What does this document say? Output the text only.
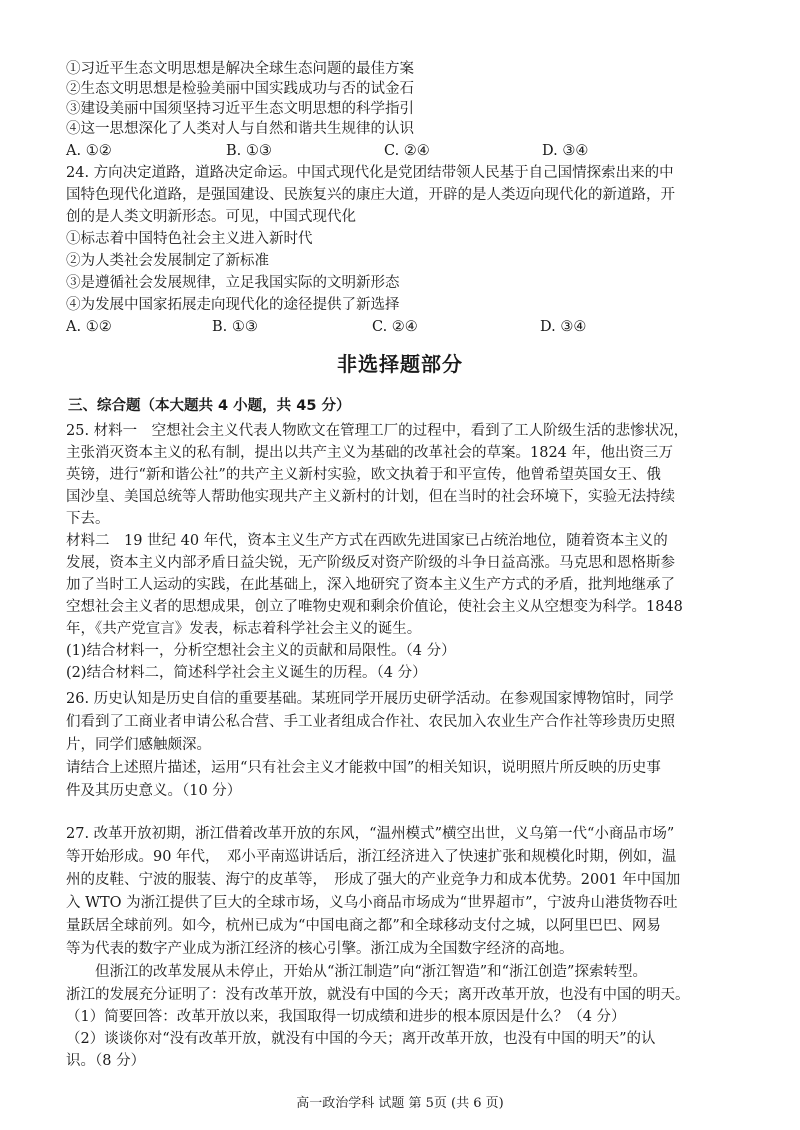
①习近平生态文明思想是解决全球生态问题的最佳方案
②生态文明思想是检验美丽中国实践成功与否的试金石
③建设美丽中国须坚持习近平生态文明思想的科学指引
④这一思想深化了人类对人与自然和谐共生规律的认识
A. ①②	B. ①③	C. ②④	D. ③④
24. 方向决定道路，道路决定命运。中国式现代化是党团结带领人民基于自己国情探索出来的中
国特色现代化道路，是强国建设、民族复兴的康庄大道，开辟的是人类迈向现代化的新道路，开
创的是人类文明新形态。可见，中国式现代化
①标志着中国特色社会主义进入新时代
②为人类社会发展制定了新标准
③是遵循社会发展规律，立足我国实际的文明新形态
④为发展中国家拓展走向现代化的途径提供了新选择
A. ①②	B. ①③	C. ②④	D. ③④
非选择题部分
三、综合题（本大题共 4 小题，共 45 分）
25. 材料一　空想社会主义代表人物欧文在管理工厂的过程中，看到了工人阶级生活的悲惨状况，
主张消灭资本主义的私有制，提出以共产主义为基础的改革社会的草案。1824 年，他出资三万
英镑，进行“新和谐公社”的共产主义新村实验，欧文执着于和平宣传，他曾希望英国女王、俄
国沙皇、美国总统等人帮助他实现共产主义新村的计划，但在当时的社会环境下，实验无法持续
下去。
材料二　19 世纪 40 年代，资本主义生产方式在西欧先进国家已占统治地位，随着资本主义的
发展，资本主义内部矛盾日益尖锐，无产阶级反对资产阶级的斗争日益高涨。马克思和恩格斯参
加了当时工人运动的实践，在此基础上，深入地研究了资本主义生产方式的矛盾，批判地继承了
空想社会主义者的思想成果，创立了唯物史观和剩余价值论，使社会主义从空想变为科学。1848
年，《共产党宣言》发表，标志着科学社会主义的诞生。
(1)结合材料一，分析空想社会主义的贡献和局限性。（4 分）
(2)结合材料二，简述科学社会主义诞生的历程。（4 分）
26. 历史认知是历史自信的重要基础。某班同学开展历史研学活动。在参观国家博物馆时，同学
们看到了工商业者申请公私合营、手工业者组成合作社、农民加入农业生产合作社等珍贵历史照
片，同学们感触颇深。
请结合上述照片描述，运用“只有社会主义才能救中国”的相关知识，说明照片所反映的历史事
件及其历史意义。（10 分）
27. 改革开放初期，浙江借着改革开放的东风，“温州模式”横空出世，义乌第一代“小商品市场”
等开始形成。90 年代，　邓小平南巡讲话后，浙江经济进入了快速扩张和规模化时期，例如，温
州的皮鞋、宁波的服装、海宁的皮革等，　形成了强大的产业竞争力和成本优势。2001 年中国加
入 WTO 为浙江提供了巨大的全球市场，义乌小商品市场成为“世界超市”，宁波舟山港货物吞吐
量跃居全球前列。如今，杭州已成为“中国电商之都”和全球移动支付之城，以阿里巴巴、网易
等为代表的数字产业成为浙江经济的核心引擎。浙江成为全国数字经济的高地。
　　但浙江的改革发展从未停止，开始从“浙江制造”向“浙江智造”和“浙江创造”探索转型。
浙江的发展充分证明了：没有改革开放，就没有中国的今天；离开改革开放，也没有中国的明天。
（1）简要回答：改革开放以来，我国取得一切成绩和进步的根本原因是什么？（4 分）
（2）谈谈你对“没有改革开放，就没有中国的今天；离开改革开放，也没有中国的明天”的认
识。（8 分）
高一政治学科 试题 第 5页 (共 6 页)
